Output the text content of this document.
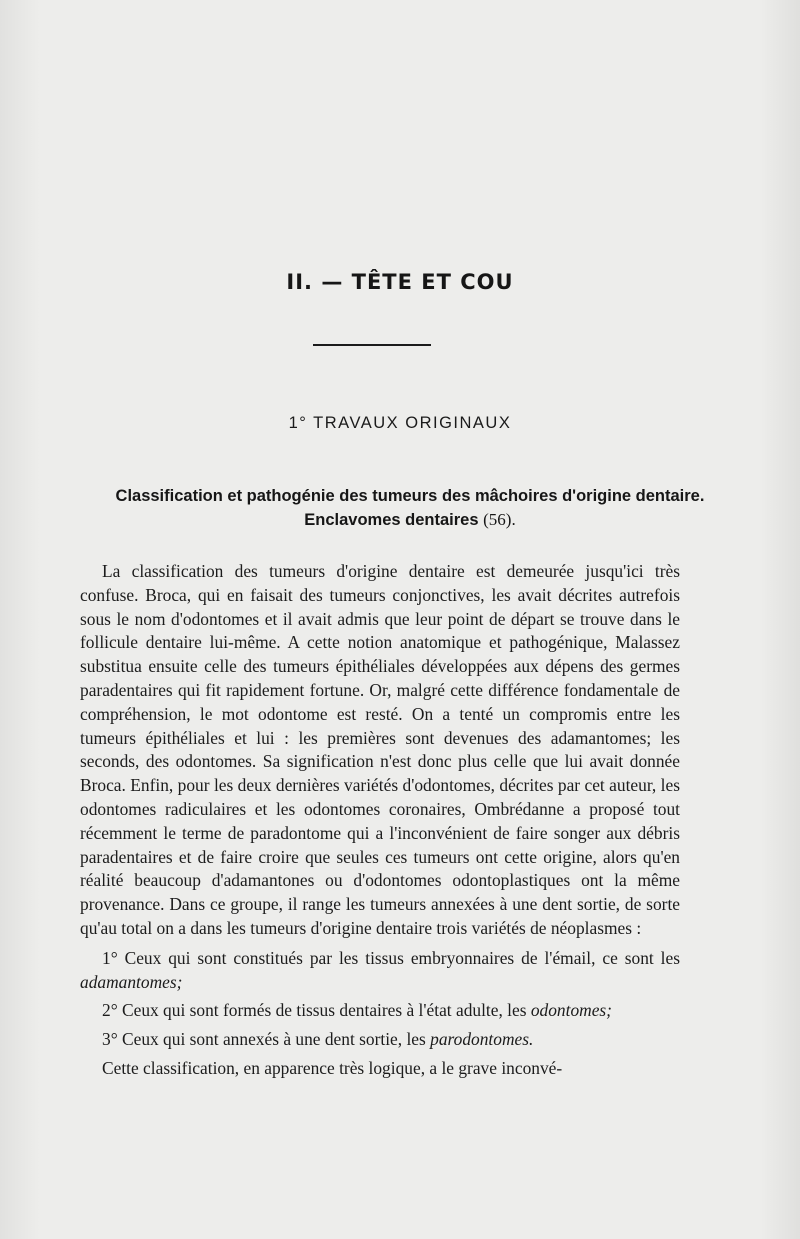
II. — TÊTE ET COU
1° TRAVAUX ORIGINAUX
Classification et pathogénie des tumeurs des mâchoires d'origine dentaire. Enclavomes dentaires (56).

La classification des tumeurs d'origine dentaire est demeurée jusqu'ici très confuse. Broca, qui en faisait des tumeurs conjonctives, les avait décrites autrefois sous le nom d'odontomes et il avait admis que leur point de départ se trouve dans le follicule dentaire lui-même. A cette notion anatomique et pathogénique, Malassez substitua ensuite celle des tumeurs épithéliales développées aux dépens des germes paradentaires qui fit rapidement fortune. Or, malgré cette différence fondamentale de compréhension, le mot odontome est resté. On a tenté un compromis entre les tumeurs épithéliales et lui : les premières sont devenues des adamantomes; les seconds, des odontomes. Sa signification n'est donc plus celle que lui avait donnée Broca. Enfin, pour les deux dernières variétés d'odontomes, décrites par cet auteur, les odontomes radiculaires et les odontomes coronaires, Ombrédanne a proposé tout récemment le terme de paradontome qui a l'inconvénient de faire songer aux débris paradentaires et de faire croire que seules ces tumeurs ont cette origine, alors qu'en réalité beaucoup d'adamantones ou d'odontomes odontoplastiques ont la même provenance. Dans ce groupe, il range les tumeurs annexées à une dent sortie, de sorte qu'au total on a dans les tumeurs d'origine dentaire trois variétés de néoplasmes :

1° Ceux qui sont constitués par les tissus embryonnaires de l'émail, ce sont les adamantomes;

2° Ceux qui sont formés de tissus dentaires à l'état adulte, les odontomes;

3° Ceux qui sont annexés à une dent sortie, les parodontomes.

Cette classification, en apparence très logique, a le grave inconvé-
